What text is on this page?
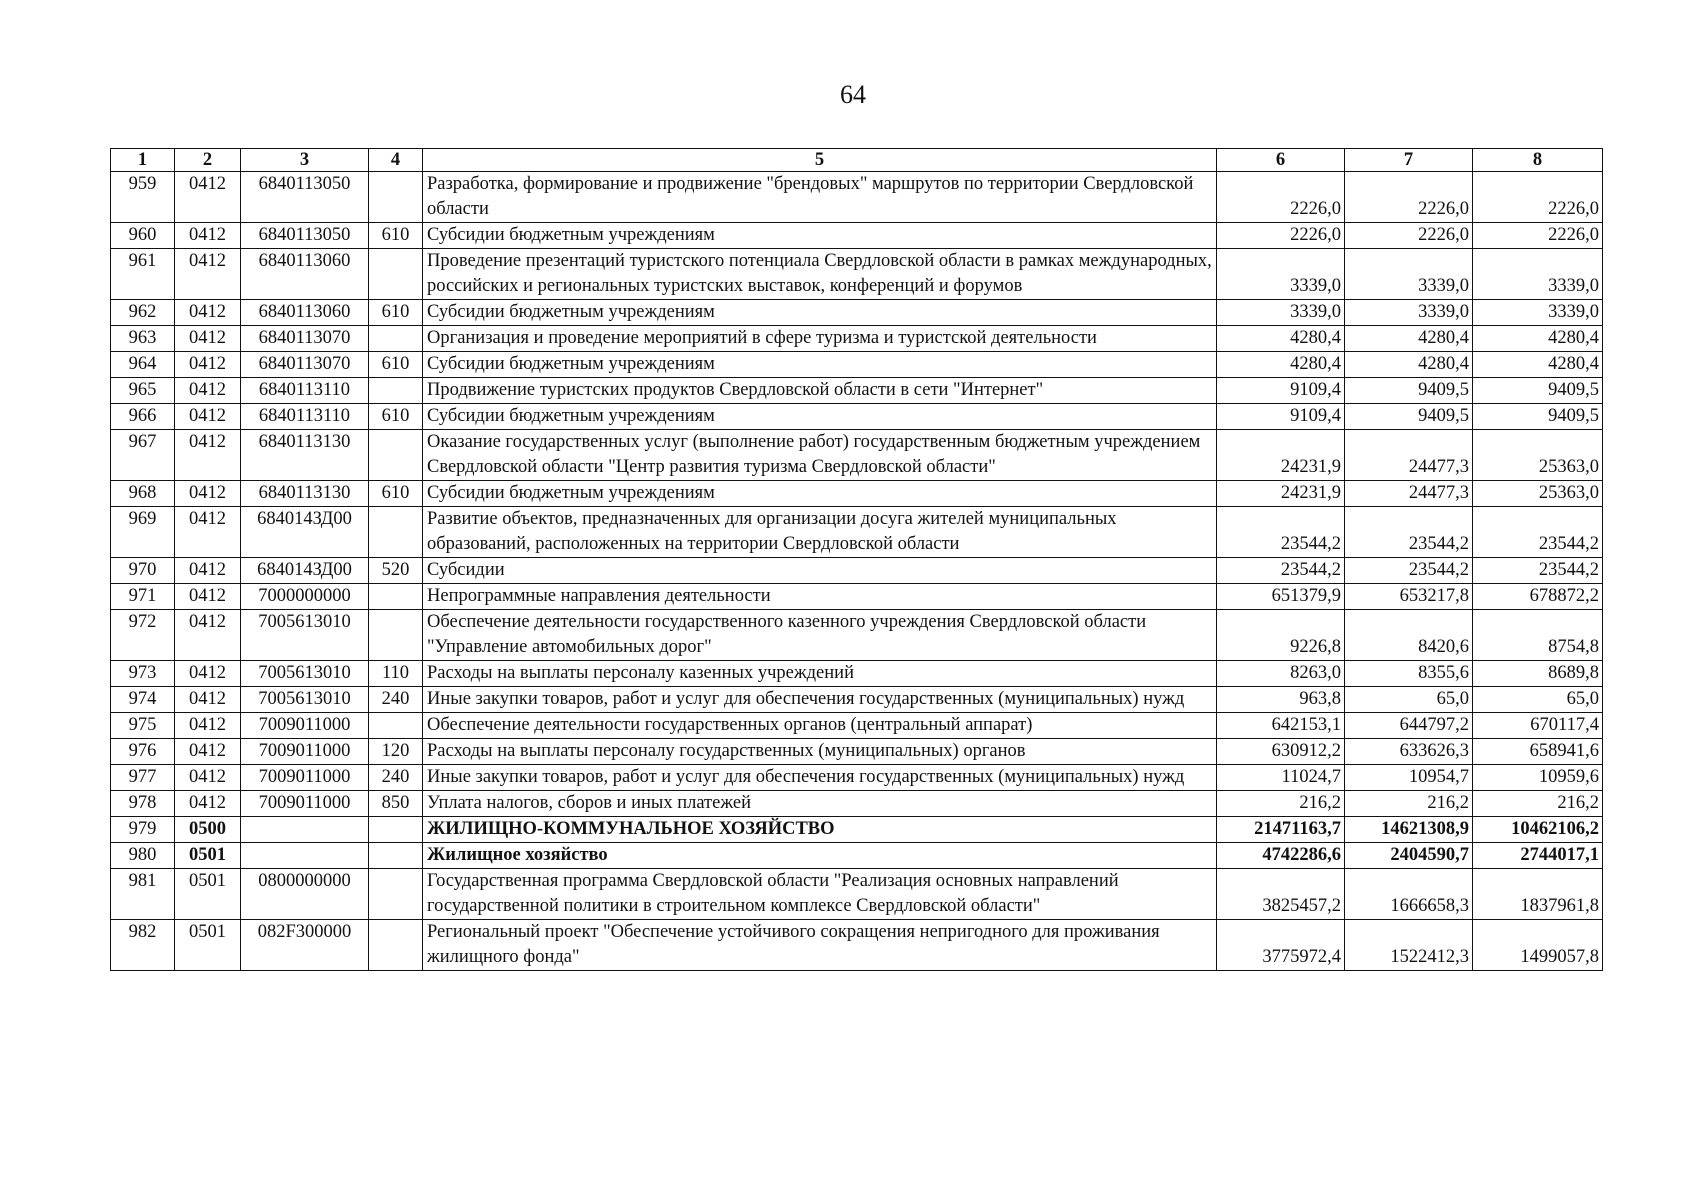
64
1	2	3	4	5	6	7	8
959	0412	6840113050		Разработка, формирование и продвижение "брендовых" маршрутов по территории Свердловской области	2226,0	2226,0	2226,0
960	0412	6840113050	610	Субсидии бюджетным учреждениям	2226,0	2226,0	2226,0
961	0412	6840113060		Проведение презентаций туристского потенциала Свердловской области в рамках международных, российских и региональных туристских выставок, конференций и форумов	3339,0	3339,0	3339,0
962	0412	6840113060	610	Субсидии бюджетным учреждениям	3339,0	3339,0	3339,0
963	0412	6840113070		Организация и проведение мероприятий в сфере туризма и туристской деятельности	4280,4	4280,4	4280,4
964	0412	6840113070	610	Субсидии бюджетным учреждениям	4280,4	4280,4	4280,4
965	0412	6840113110		Продвижение туристских продуктов Свердловской области в сети "Интернет"	9109,4	9409,5	9409,5
966	0412	6840113110	610	Субсидии бюджетным учреждениям	9109,4	9409,5	9409,5
967	0412	6840113130		Оказание государственных услуг (выполнение работ) государственным бюджетным учреждением Свердловской области "Центр развития туризма Свердловской области"	24231,9	24477,3	25363,0
968	0412	6840113130	610	Субсидии бюджетным учреждениям	24231,9	24477,3	25363,0
969	0412	684014ЗД00		Развитие объектов, предназначенных для организации досуга жителей муниципальных образований, расположенных на территории Свердловской области	23544,2	23544,2	23544,2
970	0412	684014ЗД00	520	Субсидии	23544,2	23544,2	23544,2
971	0412	7000000000		Непрограммные направления деятельности	651379,9	653217,8	678872,2
972	0412	7005613010		Обеспечение деятельности государственного казенного учреждения Свердловской области "Управление автомобильных дорог"	9226,8	8420,6	8754,8
973	0412	7005613010	110	Расходы на выплаты персоналу казенных учреждений	8263,0	8355,6	8689,8
974	0412	7005613010	240	Иные закупки товаров, работ и услуг для обеспечения государственных (муниципальных) нужд	963,8	65,0	65,0
975	0412	7009011000		Обеспечение деятельности государственных органов (центральный аппарат)	642153,1	644797,2	670117,4
976	0412	7009011000	120	Расходы на выплаты персоналу государственных (муниципальных) органов	630912,2	633626,3	658941,6
977	0412	7009011000	240	Иные закупки товаров, работ и услуг для обеспечения государственных (муниципальных) нужд	11024,7	10954,7	10959,6
978	0412	7009011000	850	Уплата налогов, сборов и иных платежей	216,2	216,2	216,2
979	0500			ЖИЛИЩНО-КОММУНАЛЬНОЕ ХОЗЯЙСТВО	21471163,7	14621308,9	10462106,2
980	0501			Жилищное хозяйство	4742286,6	2404590,7	2744017,1
981	0501	0800000000		Государственная программа Свердловской области "Реализация основных направлений государственной политики в строительном комплексе Свердловской области"	3825457,2	1666658,3	1837961,8
982	0501	082F300000		Региональный проект "Обеспечение устойчивого сокращения непригодного для проживания жилищного фонда"	3775972,4	1522412,3	1499057,8
